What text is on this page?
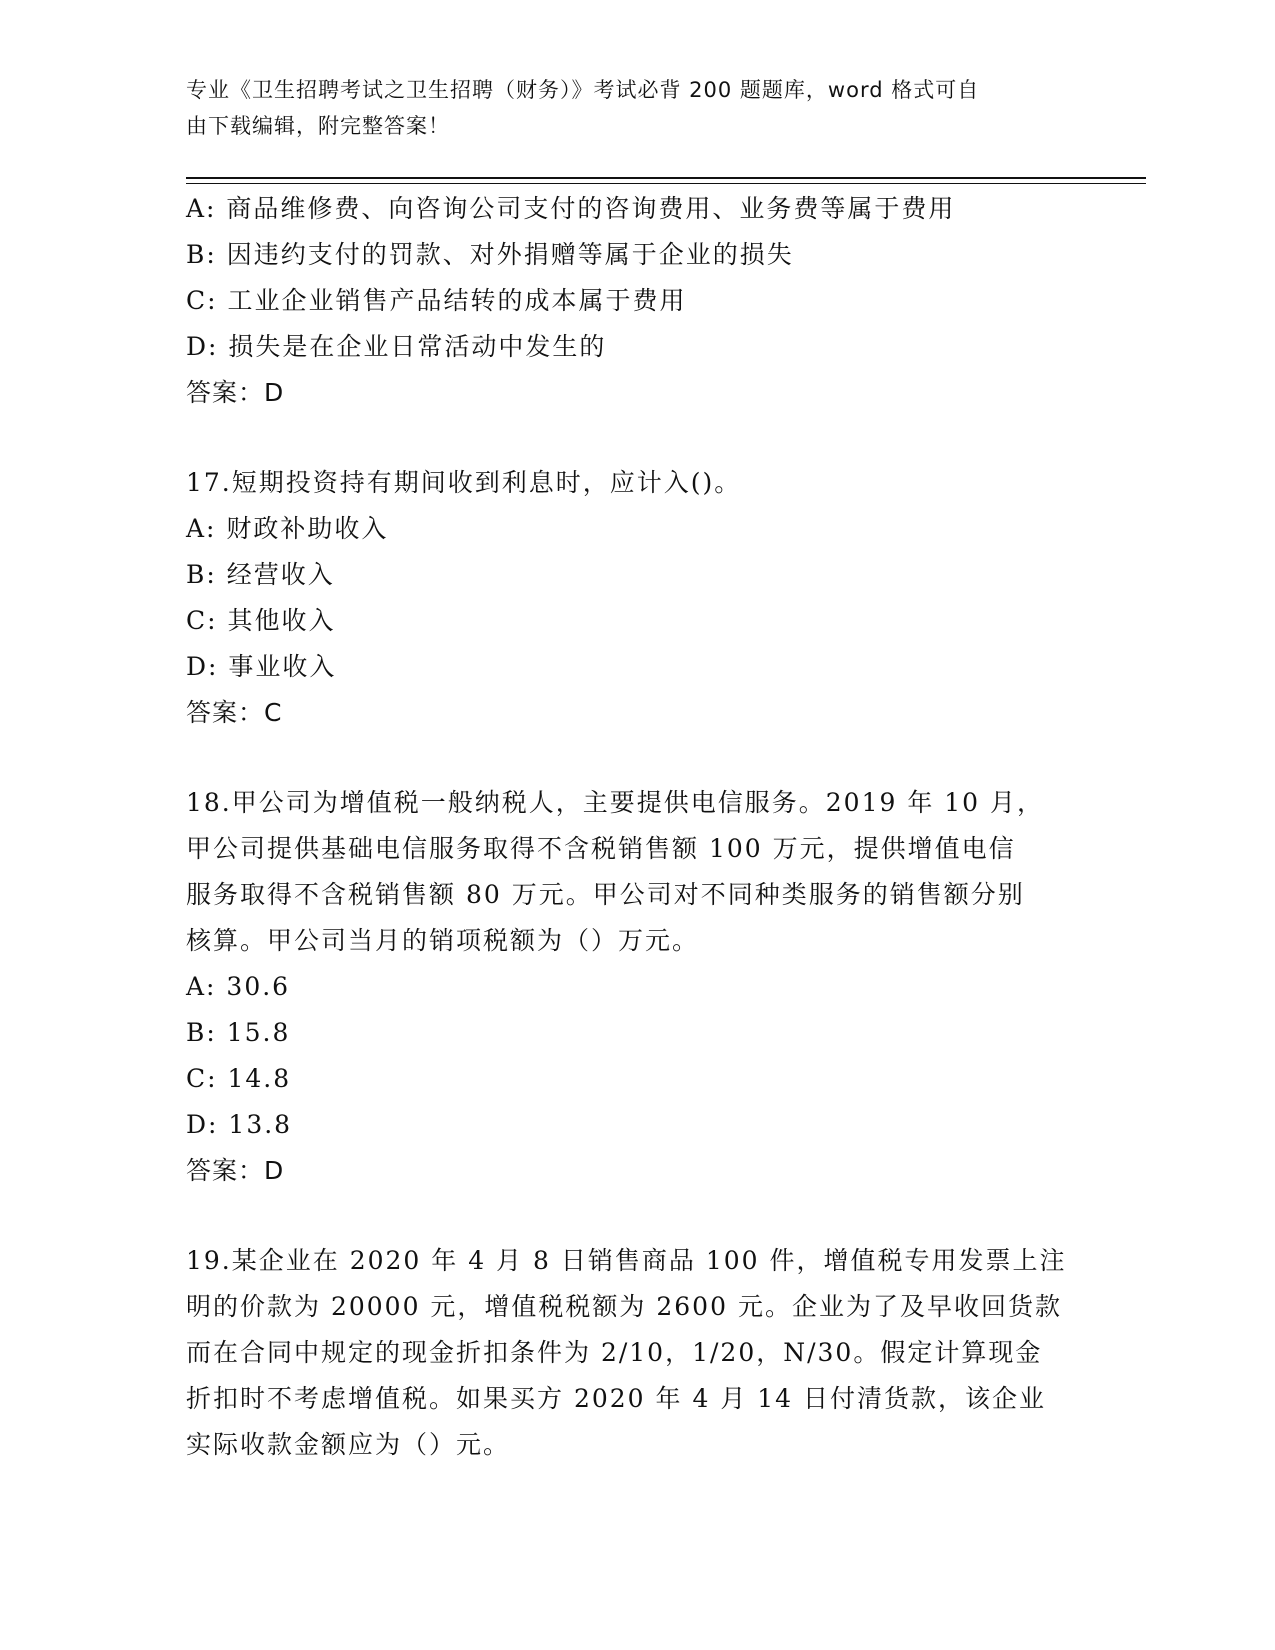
专业《卫生招聘考试之卫生招聘（财务）》考试必背 200 题题库，word 格式可自
由下载编辑，附完整答案！
A: 商品维修费、向咨询公司支付的咨询费用、业务费等属于费用
B: 因违约支付的罚款、对外捐赠等属于企业的损失
C: 工业企业销售产品结转的成本属于费用
D: 损失是在企业日常活动中发生的
答案：D
17.短期投资持有期间收到利息时，应计入()。
A: 财政补助收入
B: 经营收入
C: 其他收入
D: 事业收入
答案：C
18.甲公司为增值税一般纳税人，主要提供电信服务。2019 年 10 月，
甲公司提供基础电信服务取得不含税销售额 100 万元，提供增值电信
服务取得不含税销售额 80 万元。甲公司对不同种类服务的销售额分别
核算。甲公司当月的销项税额为（）万元。
A: 30.6
B: 15.8
C: 14.8
D: 13.8
答案：D
19.某企业在 2020 年 4 月 8 日销售商品 100 件，增值税专用发票上注
明的价款为 20000 元，增值税税额为 2600 元。企业为了及早收回货款
而在合同中规定的现金折扣条件为 2/10，1/20，N/30。假定计算现金
折扣时不考虑增值税。如果买方 2020 年 4 月 14 日付清货款，该企业
实际收款金额应为（）元。
